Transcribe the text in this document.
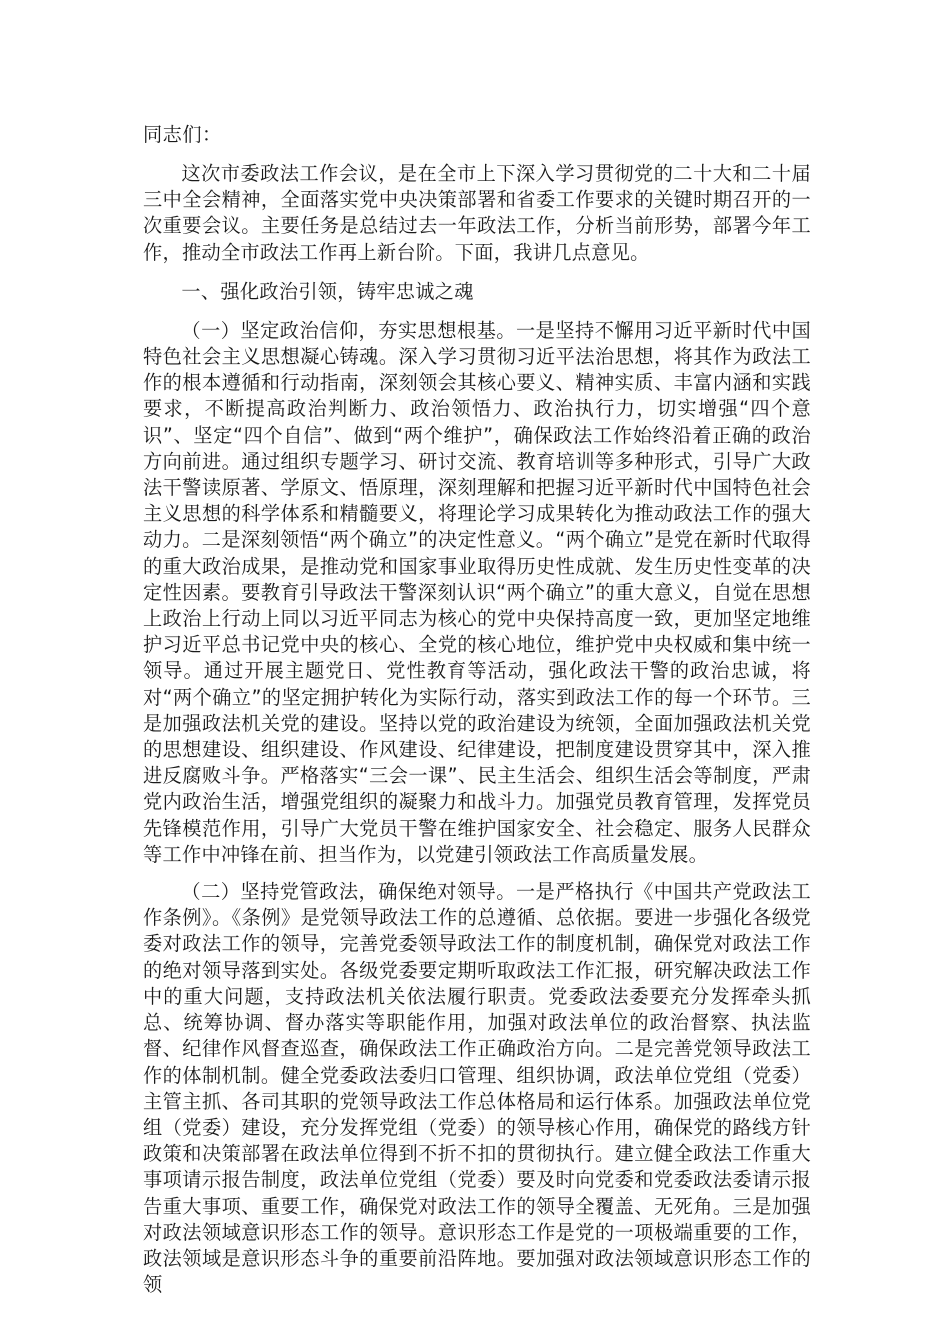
同志们：

这次市委政法工作会议，是在全市上下深入学习贯彻党的二十大和二十届三中全会精神，全面落实党中央决策部署和省委工作要求的关键时期召开的一次重要会议。主要任务是总结过去一年政法工作，分析当前形势，部署今年工作，推动全市政法工作再上新台阶。下面，我讲几点意见。

一、强化政治引领，铸牢忠诚之魂

（一）坚定政治信仰，夯实思想根基。一是坚持不懈用习近平新时代中国特色社会主义思想凝心铸魂。深入学习贯彻习近平法治思想，将其作为政法工作的根本遵循和行动指南，深刻领会其核心要义、精神实质、丰富内涵和实践要求，不断提高政治判断力、政治领悟力、政治执行力，切实增强“四个意识”、坚定“四个自信”、做到“两个维护”，确保政法工作始终沿着正确的政治方向前进。通过组织专题学习、研讨交流、教育培训等多种形式，引导广大政法干警读原著、学原文、悟原理，深刻理解和把握习近平新时代中国特色社会主义思想的科学体系和精髓要义，将理论学习成果转化为推动政法工作的强大动力。二是深刻领悟“两个确立”的决定性意义。“两个确立”是党在新时代取得的重大政治成果，是推动党和国家事业取得历史性成就、发生历史性变革的决定性因素。要教育引导政法干警深刻认识“两个确立”的重大意义，自觉在思想上政治上行动上同以习近平同志为核心的党中央保持高度一致，更加坚定地维护习近平总书记党中央的核心、全党的核心地位，维护党中央权威和集中统一领导。通过开展主题党日、党性教育等活动，强化政法干警的政治忠诚，将对“两个确立”的坚定拥护转化为实际行动，落实到政法工作的每一个环节。三是加强政法机关党的建设。坚持以党的政治建设为统领，全面加强政法机关党的思想建设、组织建设、作风建设、纪律建设，把制度建设贯穿其中，深入推进反腐败斗争。严格落实“三会一课”、民主生活会、组织生活会等制度，严肃党内政治生活，增强党组织的凝聚力和战斗力。加强党员教育管理，发挥党员先锋模范作用，引导广大党员干警在维护国家安全、社会稳定、服务人民群众等工作中冲锋在前、担当作为，以党建引领政法工作高质量发展。

（二）坚持党管政法，确保绝对领导。一是严格执行《中国共产党政法工作条例》。《条例》是党领导政法工作的总遵循、总依据。要进一步强化各级党委对政法工作的领导，完善党委领导政法工作的制度机制，确保党对政法工作的绝对领导落到实处。各级党委要定期听取政法工作汇报，研究解决政法工作中的重大问题，支持政法机关依法履行职责。党委政法委要充分发挥牵头抓总、统筹协调、督办落实等职能作用，加强对政法单位的政治督察、执法监督、纪律作风督查巡查，确保政法工作正确政治方向。二是完善党领导政法工作的体制机制。健全党委政法委归口管理、组织协调，政法单位党组（党委）主管主抓、各司其职的党领导政法工作总体格局和运行体系。加强政法单位党组（党委）建设，充分发挥党组（党委）的领导核心作用，确保党的路线方针政策和决策部署在政法单位得到不折不扣的贯彻执行。建立健全政法工作重大事项请示报告制度，政法单位党组（党委）要及时向党委和党委政法委请示报告重大事项、重要工作，确保党对政法工作的领导全覆盖、无死角。三是加强对政法领域意识形态工作的领导。意识形态工作是党的一项极端重要的工作，政法领域是意识形态斗争的重要前沿阵地。要加强对政法领域意识形态工作的领
